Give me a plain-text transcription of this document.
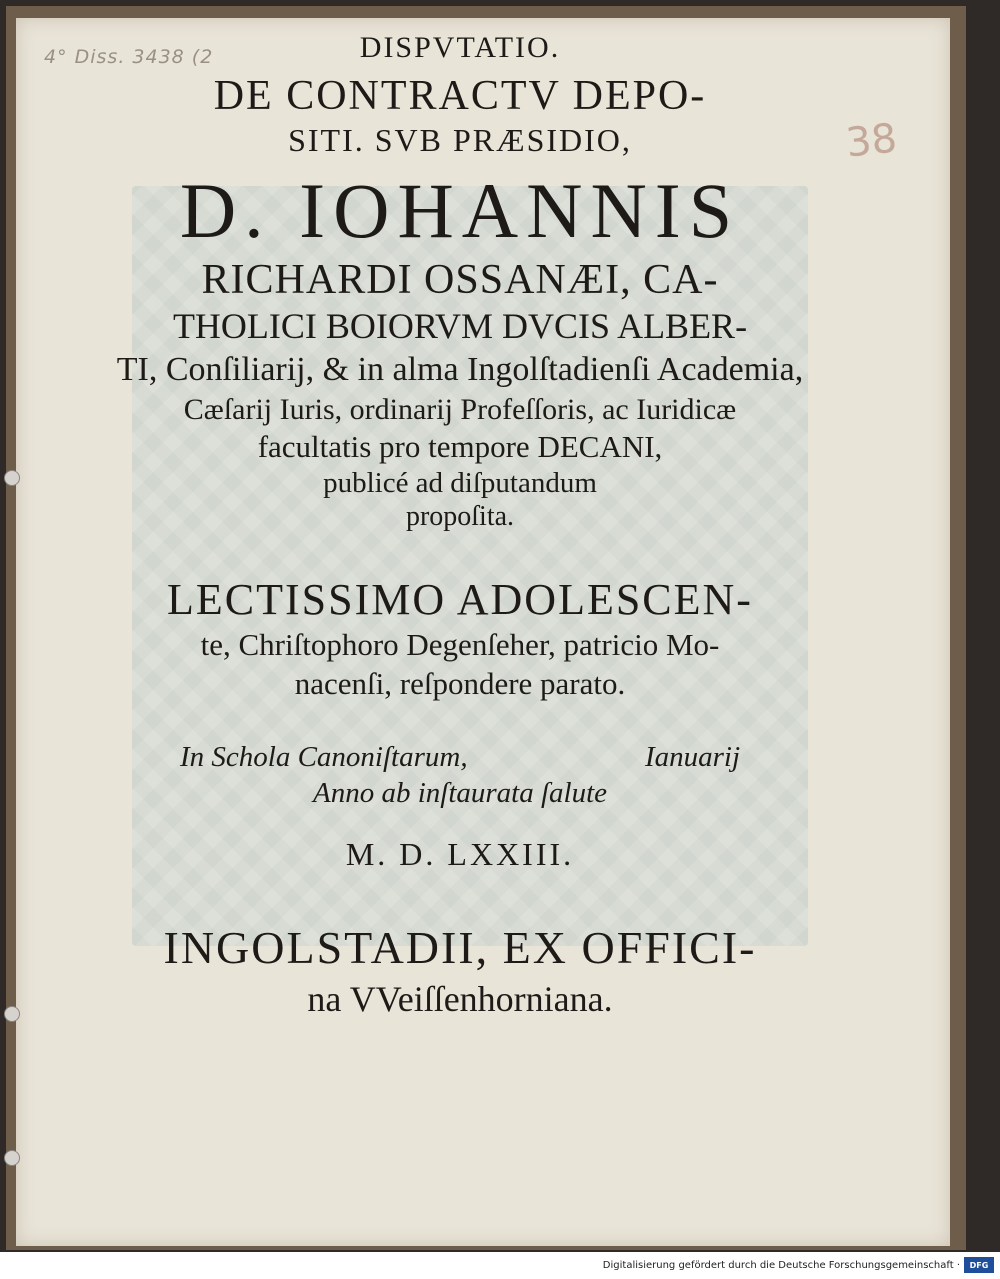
4° Diss. 3438 (2
38

DISPVTATIO.

DE CONTRACTV DEPO-

SITI. SVB PRÆSIDIO,

D. IOHANNIS

RICHARDI OSSANÆI, CA-

THOLICI BOIORVM DVCIS ALBER-

TI, Conſiliarij, & in alma Ingolſtadienſi Academia,

Cæſarij Iuris, ordinarij Profeſſoris, ac Iuridicæ

facultatis pro tempore DECANI,

publicé ad diſputandum

propoſita.

LECTISSIMO ADOLESCEN-

te, Chriſtophoro Degenſeher, patricio Mo-

nacenſi, reſpondere parato.

In Schola Canoniſtarum,	Ianuarij

Anno ab inſtaurata ſalute

M. D. LXXIII.

INGOLSTADII, EX OFFICI-

na VVeiſſenhorniana.

Digitalisierung gefördert durch die Deutsche Forschungsgemeinschaft ·	DFG
